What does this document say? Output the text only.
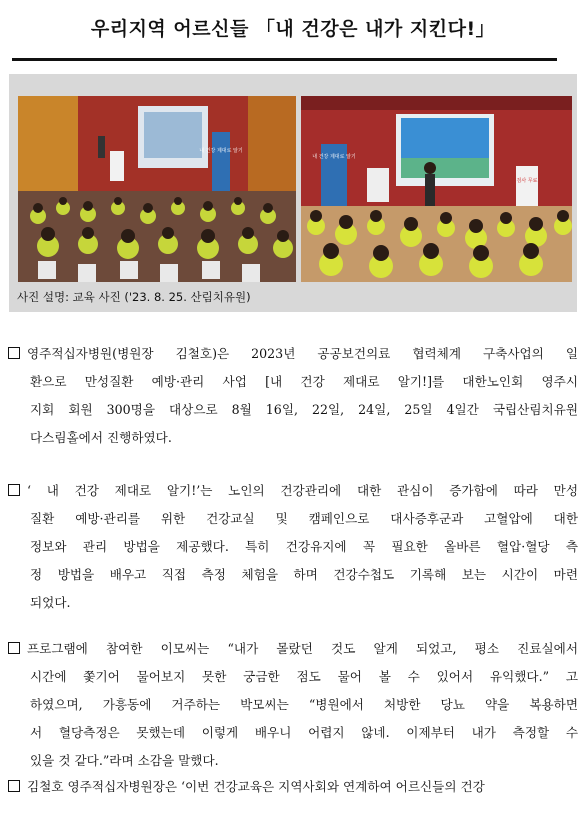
우리지역 어르신들 「내 건강은 내가 지킨다!」
내 건강 제대로 알기
내 건강 제대로 알기
검사 무료
사진 설명: 교육 사진 ('23. 8. 25. 산림치유원)
영주적십자병원(병원장 김철호)은 2023년 공공보건의료 협력체계 구축사업의 일
환으로 만성질환 예방·관리 사업 [내 건강 제대로 알기!]를 대한노인회 영주시
지회 회원 300명을 대상으로 8월 16일, 22일, 24일, 25일 4일간 국립산림치유원
다스림홀에서 진행하였다.
‘ 내 건강 제대로 알기!’는 노인의 건강관리에 대한 관심이 증가함에 따라 만성
질환 예방·관리를 위한 건강교실 및 캠페인으로 대사증후군과 고혈압에 대한
정보와 관리 방법을 제공했다. 특히 건강유지에 꼭 필요한 올바른 혈압·혈당 측
정 방법을 배우고 직접 측정 체험을 하며 건강수첩도 기록해 보는 시간이 마련
되었다.
프로그램에 참여한 이모씨는 “내가 몰랐던 것도 알게 되었고, 평소 진료실에서
시간에 쫓기어 물어보지 못한 궁금한 점도 물어 볼 수 있어서 유익했다.” 고
하였으며, 가흥동에 거주하는 박모씨는 “병원에서 처방한 당뇨 약을 복용하면
서 혈당측정은 못했는데 이렇게 배우니 어렵지 않네. 이제부터 내가 측정할 수
있을 것 같다.”라며 소감을 말했다.
김철호 영주적십자병원장은 ‘이번 건강교육은 지역사회와 연계하여 어르신들의 건강
